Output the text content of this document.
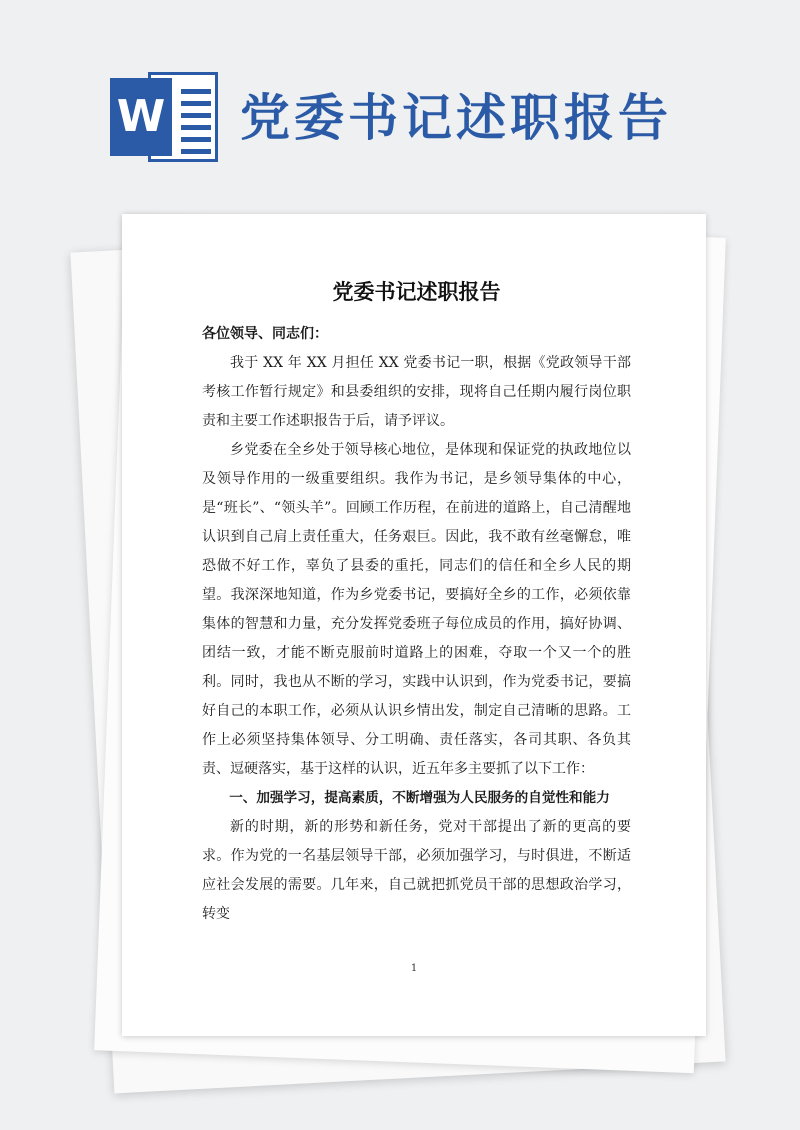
W 党委书记述职报告
党委书记述职报告

各位领导、同志们：

我于 XX 年 XX 月担任 XX 党委书记一职，根据《党政领导干部考核工作暂行规定》和县委组织的安排，现将自己任期内履行岗位职责和主要工作述职报告于后，请予评议。

乡党委在全乡处于领导核心地位，是体现和保证党的执政地位以及领导作用的一级重要组织。我作为书记，是乡领导集体的中心，是“班长”、“领头羊”。回顾工作历程，在前进的道路上，自己清醒地认识到自己肩上责任重大，任务艰巨。因此，我不敢有丝毫懈怠，唯恐做不好工作，辜负了县委的重托，同志们的信任和全乡人民的期望。我深深地知道，作为乡党委书记，要搞好全乡的工作，必须依靠集体的智慧和力量，充分发挥党委班子每位成员的作用，搞好协调、团结一致，才能不断克服前时道路上的困难，夺取一个又一个的胜利。同时，我也从不断的学习，实践中认识到，作为党委书记，要搞好自己的本职工作，必须从认识乡情出发，制定自己清晰的思路。工作上必须坚持集体领导、分工明确、责任落实，各司其职、各负其责、逗硬落实，基于这样的认识，近五年多主要抓了以下工作：

一、加强学习，提高素质，不断增强为人民服务的自觉性和能力

新的时期，新的形势和新任务，党对干部提出了新的更高的要求。作为党的一名基层领导干部，必须加强学习，与时俱进，不断适应社会发展的需要。几年来，自己就把抓党员干部的思想政治学习，转变

1
